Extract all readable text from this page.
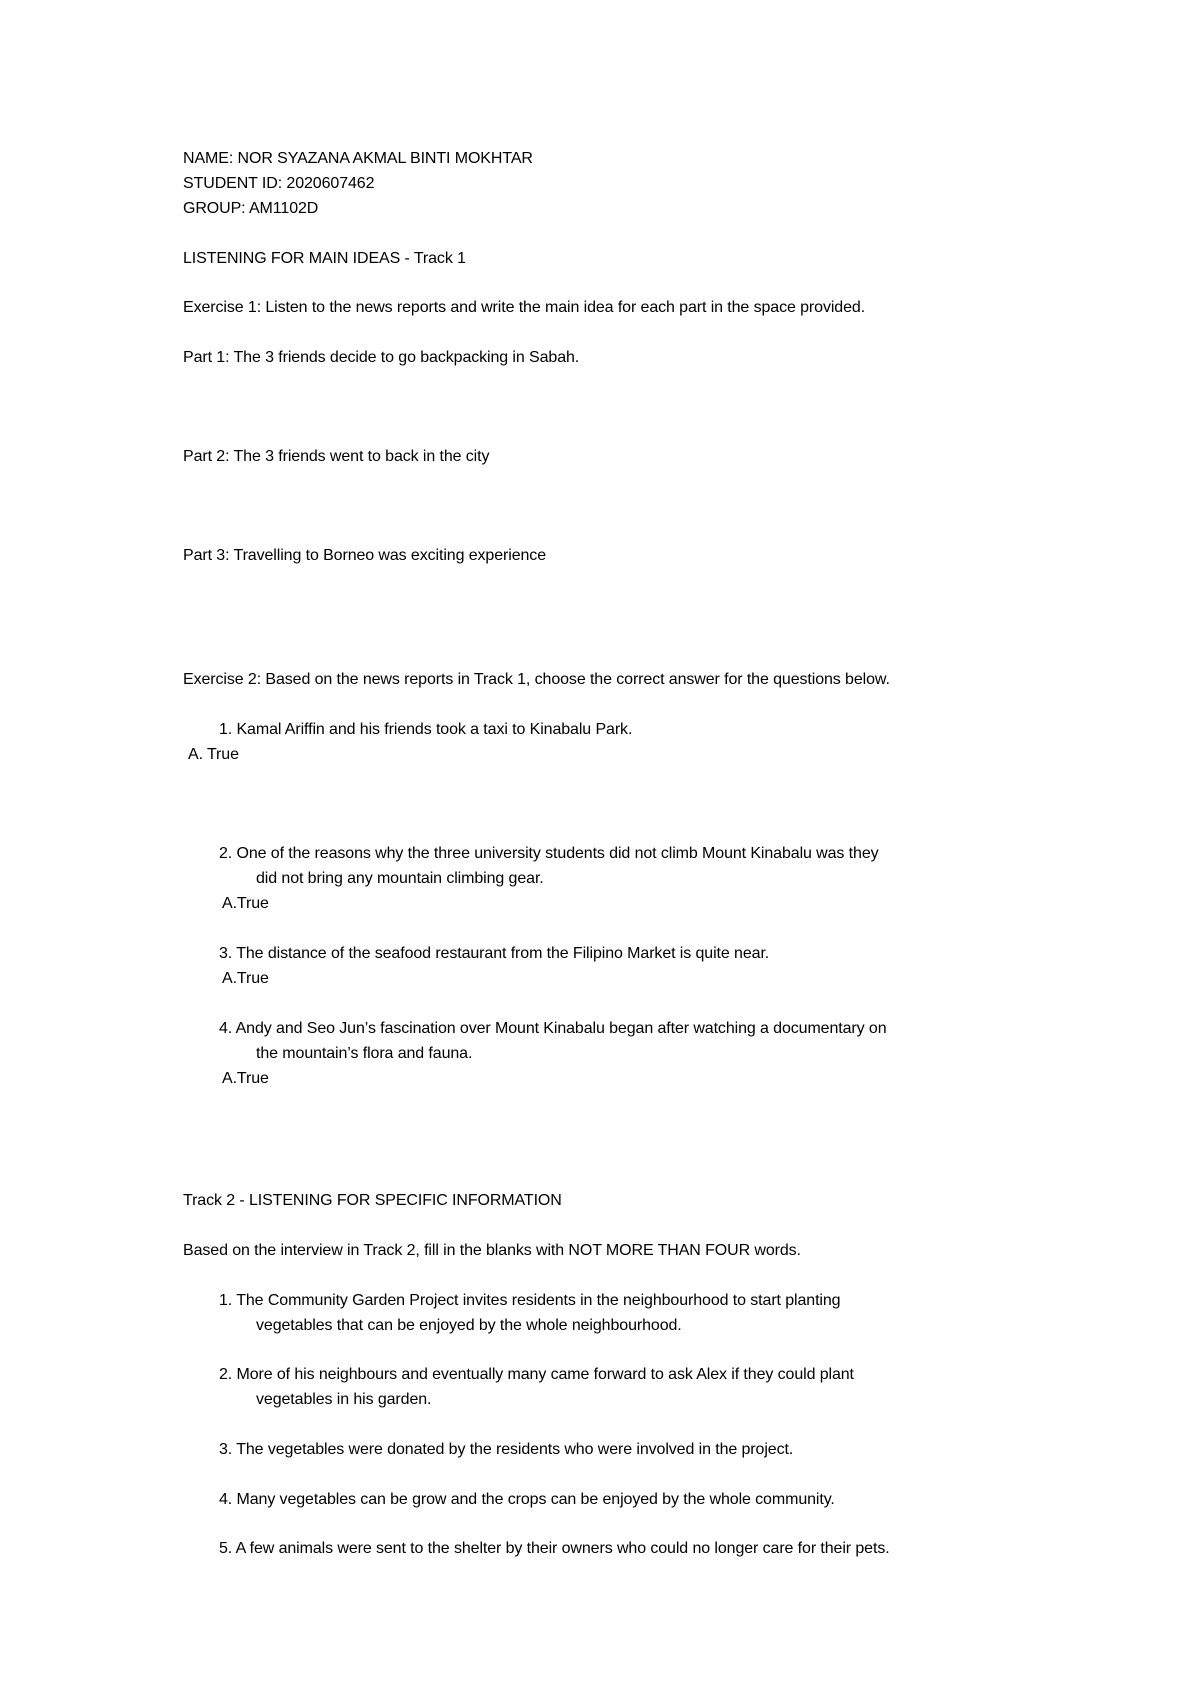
NAME: NOR SYAZANA AKMAL BINTI MOKHTAR
STUDENT ID: 2020607462
GROUP: AM1102D
LISTENING FOR MAIN IDEAS - Track 1
Exercise 1: Listen to the news reports and write the main idea for each part in the space provided.
Part 1: The 3 friends decide to go backpacking in Sabah.
Part 2: The 3 friends went to back in the city
Part 3: Travelling to Borneo was exciting experience
Exercise 2: Based on the news reports in Track 1, choose the correct answer for the questions below.
1. Kamal Ariffin and his friends took a taxi to Kinabalu Park.
A. True
2. One of the reasons why the three university students did not climb Mount Kinabalu was they
did not bring any mountain climbing gear.
A.True
3. The distance of the seafood restaurant from the Filipino Market is quite near.
A.True
4. Andy and Seo Jun’s fascination over Mount Kinabalu began after watching a documentary on
the mountain’s flora and fauna.
A.True
Track 2 - LISTENING FOR SPECIFIC INFORMATION
Based on the interview in Track 2, fill in the blanks with NOT MORE THAN FOUR words.
1. The Community Garden Project invites residents in the neighbourhood to start planting
vegetables that can be enjoyed by the whole neighbourhood.
2. More of his neighbours and eventually many came forward to ask Alex if they could plant
vegetables in his garden.
3. The vegetables were donated by the residents who were involved in the project.
4. Many vegetables can be grow and the crops can be enjoyed by the whole community.
5. A few animals were sent to the shelter by their owners who could no longer care for their pets.
